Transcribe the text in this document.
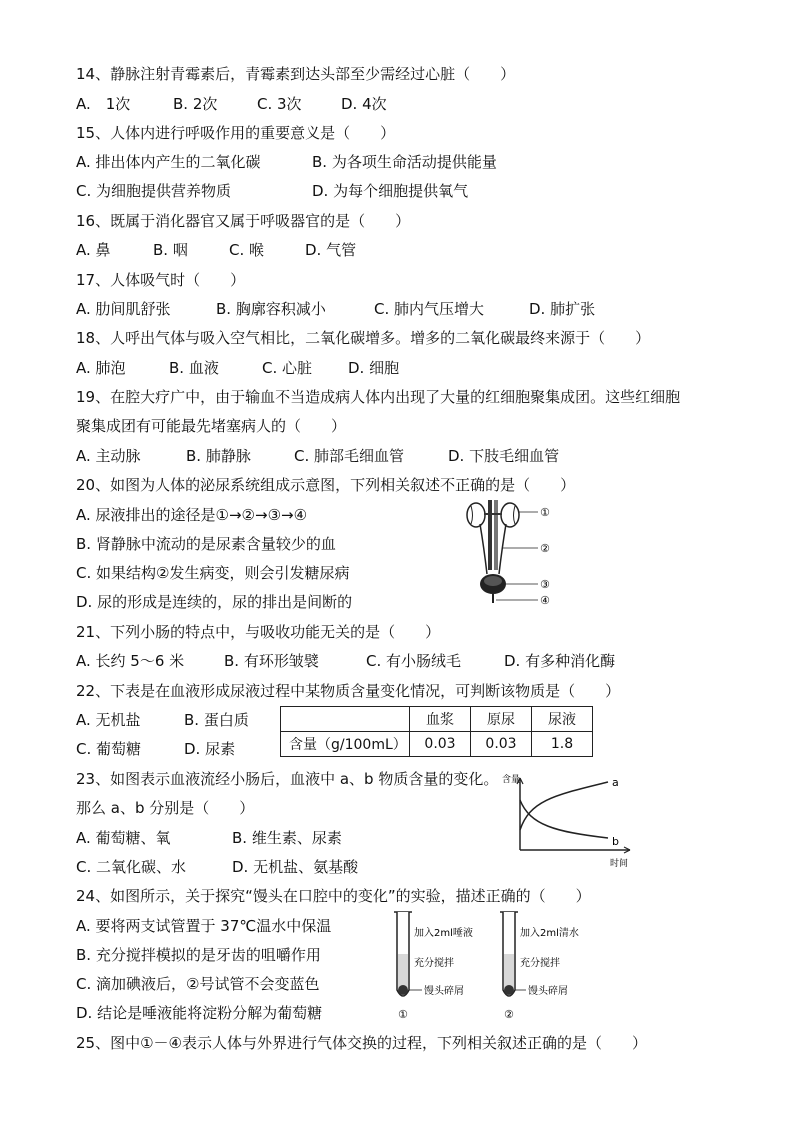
14、静脉注射青霉素后，青霉素到达头部至少需经过心脏（　　）
A.　1次	B. 2次	C. 3次	D. 4次
15、人体内进行呼吸作用的重要意义是（　　）
A. 排出体内产生的二氧化碳	B. 为各项生命活动提供能量
C. 为细胞提供营养物质	D. 为每个细胞提供氧气
16、既属于消化器官又属于呼吸器官的是（　　）
A. 鼻	B. 咽	C. 喉	D. 气管
17、人体吸气时（　　）
A. 肋间肌舒张	B. 胸廓容积减小	C. 肺内气压增大	D. 肺扩张
18、人呼出气体与吸入空气相比，二氧化碳增多。增多的二氧化碳最终来源于（　　）
A. 肺泡	B. 血液	C. 心脏 D. 细胞
19、在腔大疗广中，由于输血不当造成病人体内出现了大量的红细胞聚集成团。这些红细胞
聚集成团有可能最先堵塞病人的（　　）
A. 主动脉	B. 肺静脉	C. 肺部毛细血管	D. 下肢毛细血管
20、如图为人体的泌尿系统组成示意图，下列相关叙述不正确的是（　　）
A. 尿液排出的途径是①→②→③→④
B. 肾静脉中流动的是尿素含量较少的血
C. 如果结构②发生病变，则会引发糖尿病
D. 尿的形成是连续的，尿的排出是间断的
①
②
③
④
21、下列小肠的特点中，与吸收功能无关的是（　　）
A. 长约 5～6 米	B. 有环形皱襞	C. 有小肠绒毛	D. 有多种消化酶
22、下表是在血液形成尿液过程中某物质含量变化情况，可判断该物质是（　　）
A. 无机盐	B. 蛋白质
C. 葡萄糖	D. 尿素
	血浆	原尿	尿液
含量（g/100mL）	0.03	0.03	1.8
23、如图表示血液流经小肠后，血液中 a、b 物质含量的变化。
那么 a、b 分别是（　　）
A. 葡萄糖、氧	B. 维生素、尿素
C. 二氧化碳、水	D. 无机盐、氨基酸
含量
时间
a
b
24、如图所示，关于探究“馒头在口腔中的变化”的实验，描述正确的（　　）
A. 要将两支试管置于 37℃温水中保温
B. 充分搅拌模拟的是牙齿的咀嚼作用
C. 滴加碘液后，②号试管不会变蓝色
D. 结论是唾液能将淀粉分解为葡萄糖
加入2ml唾液
充分搅拌
馒头碎屑
①
加入2ml清水
充分搅拌
馒头碎屑
②
25、图中①－④表示人体与外界进行气体交换的过程，下列相关叙述正确的是（　　）
